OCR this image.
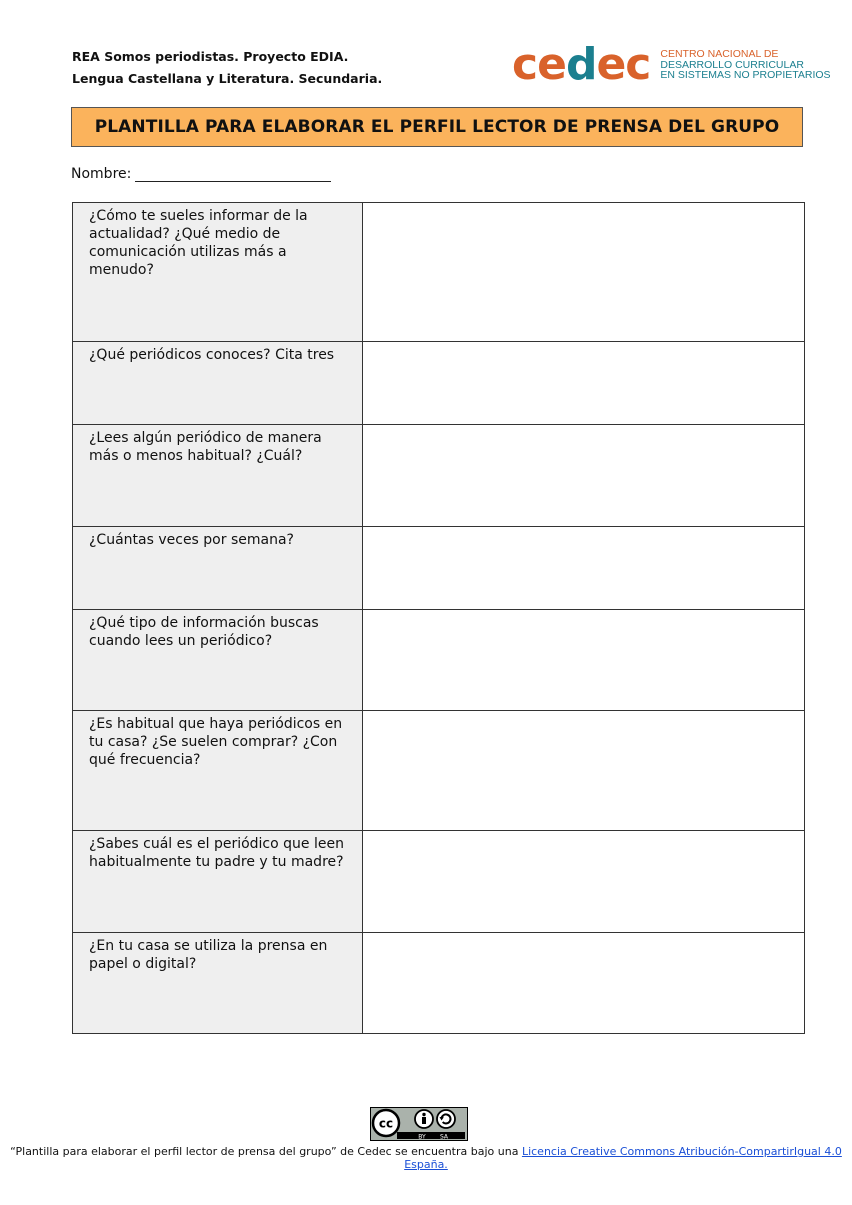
REA Somos periodistas. Proyecto EDIA.
Lengua Castellana y Literatura. Secundaria.	ce d ec CENTRO NACIONAL DE
DESARROLLO CURRICULAR
EN SISTEMAS NO PROPIETARIOS
PLANTILLA PARA ELABORAR EL PERFIL LECTOR DE PRENSA DEL GRUPO
Nombre:
¿Cómo te sueles informar de la actualidad? ¿Qué medio de comunicación utilizas más a menudo?	
¿Qué periódicos conoces? Cita tres	
¿Lees algún periódico de manera más o menos habitual? ¿Cuál?	
¿Cuántas veces por semana?	
¿Qué tipo de información buscas cuando lees un periódico?	
¿Es habitual que haya periódicos en tu casa? ¿Se suelen comprar? ¿Con qué frecuencia?	
¿Sabes cuál es el periódico que leen habitualmente tu padre y tu madre?	
¿En tu casa se utiliza la prensa en papel o digital?	
cc
BY SA
“Plantilla para elaborar el perfil lector de prensa del grupo” de Cedec se encuentra bajo una Licencia Creative Commons Atribución-CompartirIgual 4.0 España.
